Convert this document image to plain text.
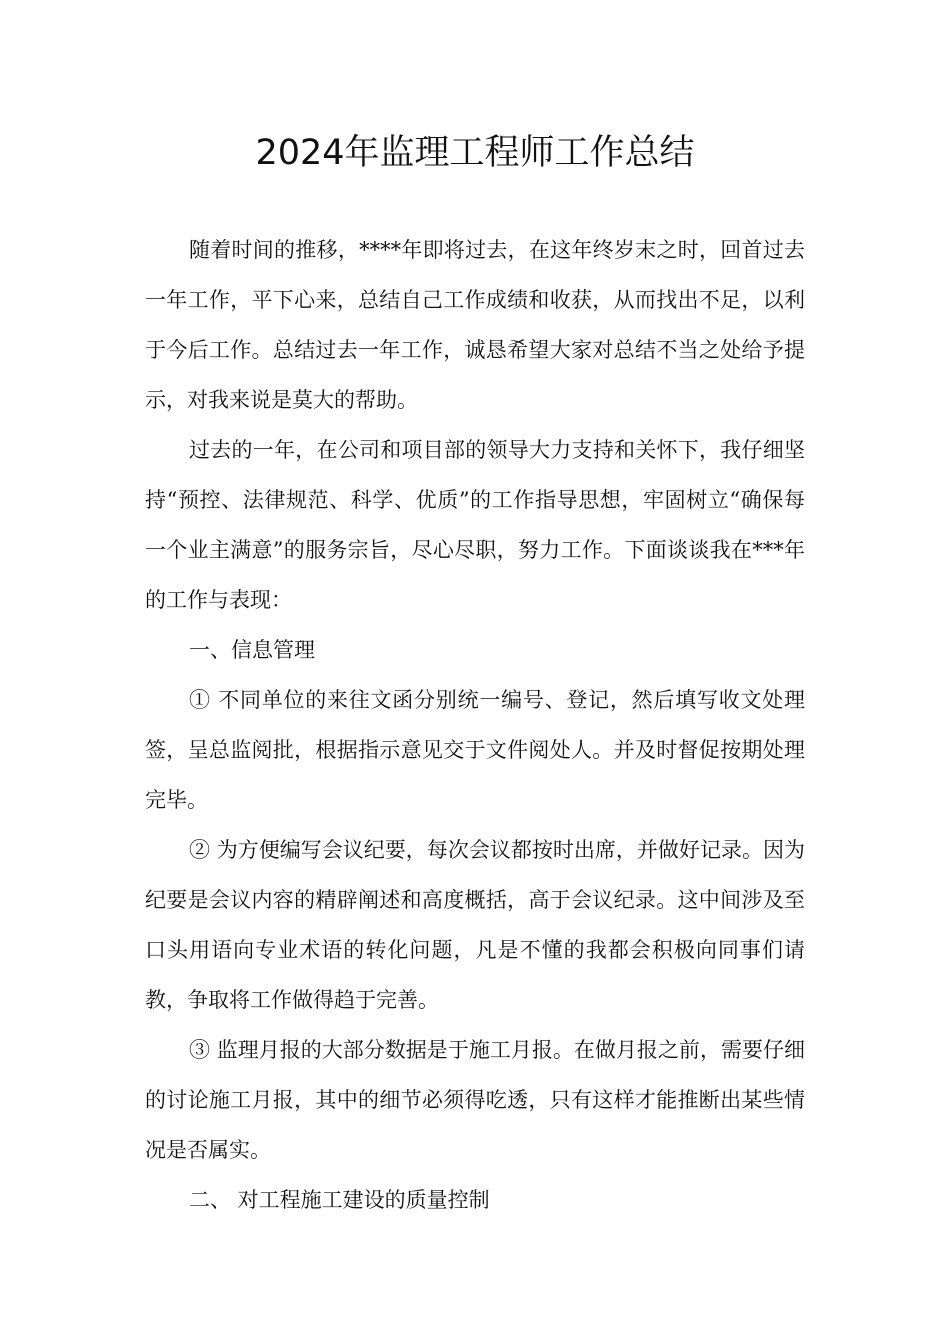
2024年监理工程师工作总结

随着时间的推移，****年即将过去，在这年终岁末之时，回首过去一年工作，平下心来，总结自己工作成绩和收获，从而找出不足，以利于今后工作。总结过去一年工作，诚恳希望大家对总结不当之处给予提示，对我来说是莫大的帮助。

过去的一年，在公司和项目部的领导大力支持和关怀下，我仔细坚持“预控、法律规范、科学、优质”的工作指导思想，牢固树立“确保每一个业主满意”的服务宗旨，尽心尽职，努力工作。下面谈谈我在***年的工作与表现：

一、信息管理

① 不同单位的来往文函分别统一编号、登记，然后填写收文处理签，呈总监阅批，根据指示意见交于文件阅处人。并及时督促按期处理完毕。

② 为方便编写会议纪要，每次会议都按时出席，并做好记录。因为纪要是会议内容的精辟阐述和高度概括，高于会议纪录。这中间涉及至口头用语向专业术语的转化问题，凡是不懂的我都会积极向同事们请教，争取将工作做得趋于完善。

③ 监理月报的大部分数据是于施工月报。在做月报之前，需要仔细的讨论施工月报，其中的细节必须得吃透，只有这样才能推断出某些情况是否属实。

二、 对工程施工建设的质量控制
